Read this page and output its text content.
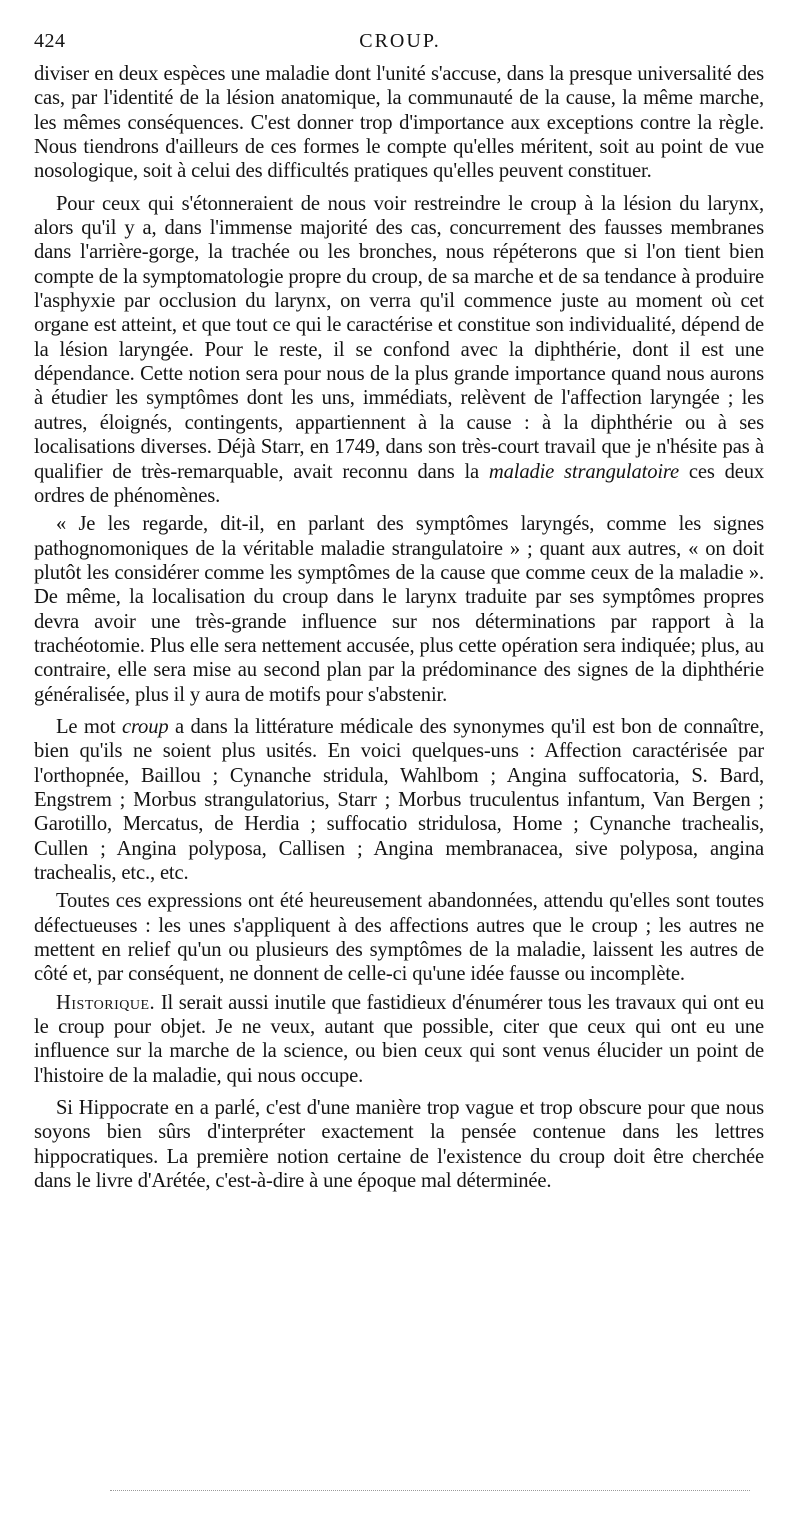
424	CROUP.

diviser en deux espèces une maladie dont l'unité s'accuse, dans la presque universalité des cas, par l'identité de la lésion anatomique, la communauté de la cause, la même marche, les mêmes conséquences. C'est donner trop d'importance aux exceptions contre la règle. Nous tiendrons d'ailleurs de ces formes le compte qu'elles méritent, soit au point de vue nosologique, soit à celui des difficultés pratiques qu'elles peuvent constituer.

Pour ceux qui s'étonneraient de nous voir restreindre le croup à la lésion du larynx, alors qu'il y a, dans l'immense majorité des cas, concurrement des fausses membranes dans l'arrière-gorge, la trachée ou les bronches, nous répéterons que si l'on tient bien compte de la symptomatologie propre du croup, de sa marche et de sa tendance à produire l'asphyxie par occlusion du larynx, on verra qu'il commence juste au moment où cet organe est atteint, et que tout ce qui le caractérise et constitue son individualité, dépend de la lésion laryngée. Pour le reste, il se confond avec la diphthérie, dont il est une dépendance. Cette notion sera pour nous de la plus grande importance quand nous aurons à étudier les symptômes dont les uns, immédiats, relèvent de l'affection laryngée ; les autres, éloignés, contingents, appartiennent à la cause : à la diphthérie ou à ses localisations diverses. Déjà Starr, en 1749, dans son très-court travail que je n'hésite pas à qualifier de très-remarquable, avait reconnu dans la maladie strangulatoire ces deux ordres de phénomènes.

« Je les regarde, dit-il, en parlant des symptômes laryngés, comme les signes pathognomoniques de la véritable maladie strangulatoire » ; quant aux autres, « on doit plutôt les considérer comme les symptômes de la cause que comme ceux de la maladie ». De même, la localisation du croup dans le larynx traduite par ses symptômes propres devra avoir une très-grande influence sur nos déterminations par rapport à la trachéotomie. Plus elle sera nettement accusée, plus cette opération sera indiquée; plus, au contraire, elle sera mise au second plan par la prédominance des signes de la diphthérie généralisée, plus il y aura de motifs pour s'abstenir.

Le mot croup a dans la littérature médicale des synonymes qu'il est bon de connaître, bien qu'ils ne soient plus usités. En voici quelques-uns : Affection caractérisée par l'orthopnée, Baillou ; Cynanche stridula, Wahlbom ; Angina suffocatoria, S. Bard, Engstrem ; Morbus strangulatorius, Starr ; Morbus truculentus infantum, Van Bergen ; Garotillo, Mercatus, de Herdia ; suffocatio stridulosa, Home ; Cynanche trachealis, Cullen ; Angina polyposa, Callisen ; Angina membranacea, sive polyposa, angina trachealis, etc., etc.

Toutes ces expressions ont été heureusement abandonnées, attendu qu'elles sont toutes défectueuses : les unes s'appliquent à des affections autres que le croup ; les autres ne mettent en relief qu'un ou plusieurs des symptômes de la maladie, laissent les autres de côté et, par conséquent, ne donnent de celle-ci qu'une idée fausse ou incomplète.

Historique. Il serait aussi inutile que fastidieux d'énumérer tous les travaux qui ont eu le croup pour objet. Je ne veux, autant que possible, citer que ceux qui ont eu une influence sur la marche de la science, ou bien ceux qui sont venus élucider un point de l'histoire de la maladie, qui nous occupe.

Si Hippocrate en a parlé, c'est d'une manière trop vague et trop obscure pour que nous soyons bien sûrs d'interpréter exactement la pensée contenue dans les lettres hippocratiques. La première notion certaine de l'existence du croup doit être cherchée dans le livre d'Arétée, c'est-à-dire à une époque mal déterminée.
